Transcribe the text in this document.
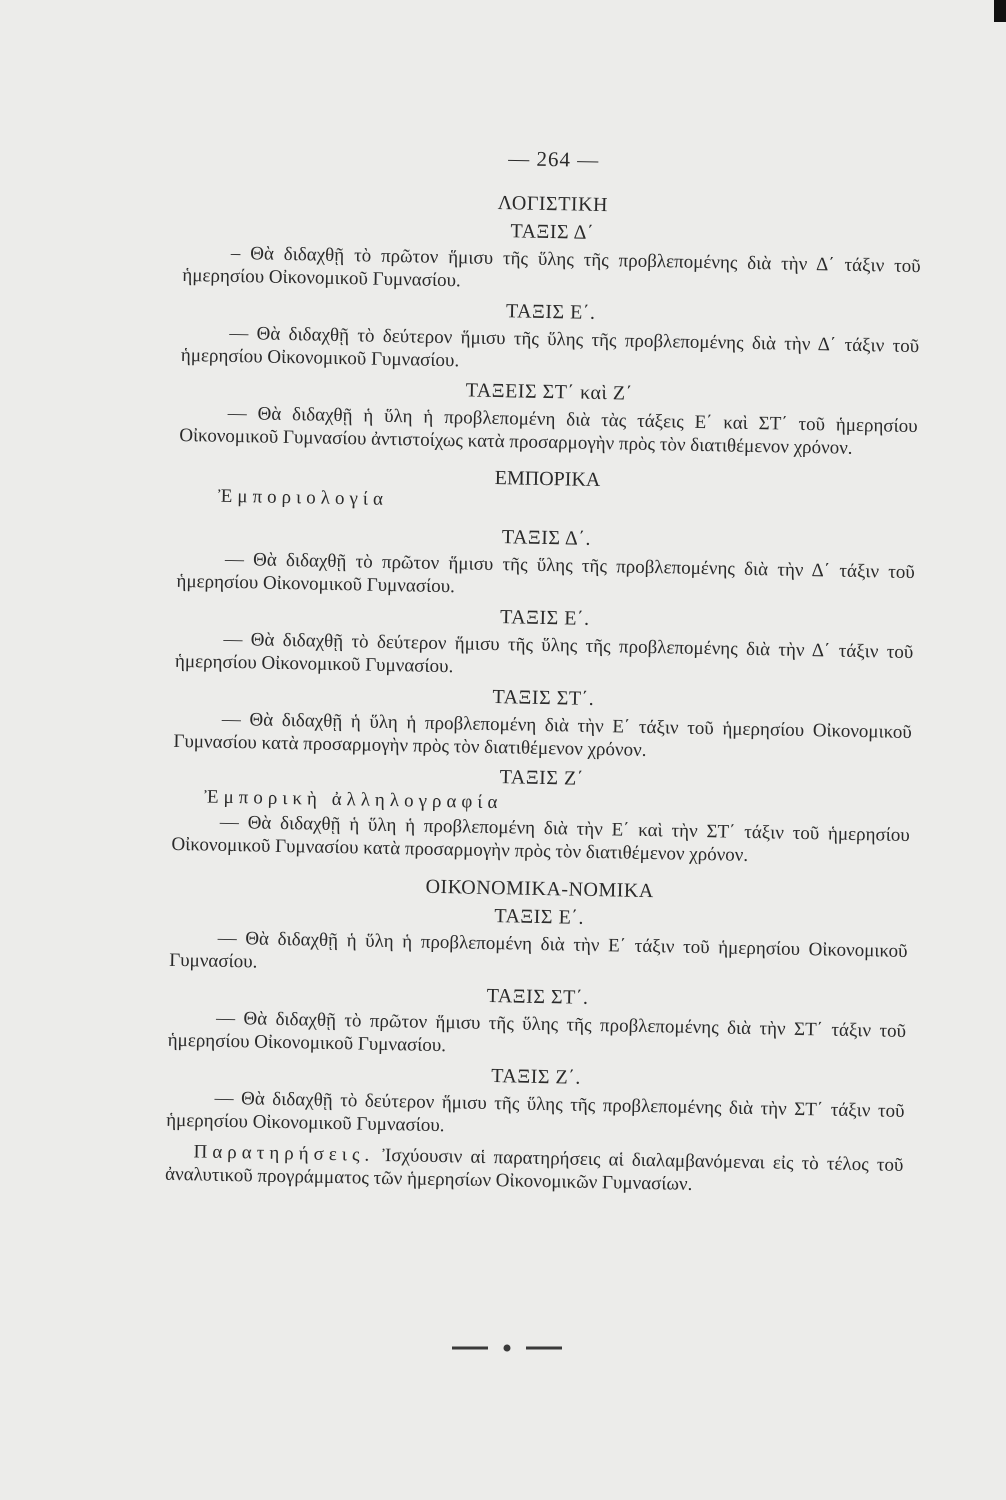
— 264 —
ΛΟΓΙΣΤΙΚΗ
ΤΑΞΙΣ Δ΄

– Θὰ διδαχθῇ τὸ πρῶτον ἥμισυ τῆς ὕλης τῆς προβλεπομένης διὰ τὴν Δ΄ τάξιν τοῦ ἡμερησίου Οἰκονομικοῦ Γυμνασίου.

ΤΑΞΙΣ Ε΄.

— Θὰ διδαχθῇ τὸ δεύτερον ἥμισυ τῆς ὕλης τῆς προβλεπομένης διὰ τὴν Δ΄ τάξιν τοῦ ἡμερησίου Οἰκονομικοῦ Γυμνασίου.

ΤΑΞΕΙΣ ΣΤ΄ καὶ Ζ΄

— Θὰ διδαχθῇ ἡ ὕλη ἡ προβλεπομένη διὰ τὰς τάξεις Ε΄ καὶ ΣΤ΄ τοῦ ἡμερησίου Οἰκονομικοῦ Γυμνασίου ἀντιστοίχως κατὰ προσαρμογὴν πρὸς τὸν διατιθέμενον χρόνον.

ΕΜΠΟΡΙΚΑ
Ἐμποριολογία
ΤΑΞΙΣ Δ΄.

— Θὰ διδαχθῇ τὸ πρῶτον ἥμισυ τῆς ὕλης τῆς προβλεπομένης διὰ τὴν Δ΄ τάξιν τοῦ ἡμερησίου Οἰκονομικοῦ Γυμνασίου.

ΤΑΞΙΣ Ε΄.

— Θὰ διδαχθῇ τὸ δεύτερον ἥμισυ τῆς ὕλης τῆς προβλεπομένης διὰ τὴν Δ΄ τάξιν τοῦ ἡμερησίου Οἰκονομικοῦ Γυμνασίου.

ΤΑΞΙΣ ΣΤ΄.

— Θὰ διδαχθῇ ἡ ὕλη ἡ προβλεπομένη διὰ τὴν Ε΄ τάξιν τοῦ ἡμερησίου Οἰκονομικοῦ Γυμνασίου κατὰ προσαρμογὴν πρὸς τὸν διατιθέμενον χρόνον.

ΤΑΞΙΣ Ζ΄
Ἐμπορικὴ ἀλληλογραφία

— Θὰ διδαχθῇ ἡ ὕλη ἡ προβλεπομένη διὰ τὴν Ε΄ καὶ τὴν ΣΤ΄ τάξιν τοῦ ἡμερησίου Οἰκονομικοῦ Γυμνασίου κατὰ προσαρμογὴν πρὸς τὸν διατιθέμενον χρόνον.

ΟΙΚΟΝΟΜΙΚΑ-ΝΟΜΙΚΑ
ΤΑΞΙΣ Ε΄.

— Θὰ διδαχθῇ ἡ ὕλη ἡ προβλεπομένη διὰ τὴν Ε΄ τάξιν τοῦ ἡμερησίου Οἰκονομικοῦ Γυμνασίου.

ΤΑΞΙΣ ΣΤ΄.

— Θὰ διδαχθῇ τὸ πρῶτον ἥμισυ τῆς ὕλης τῆς προβλεπομένης διὰ τὴν ΣΤ΄ τάξιν τοῦ ἡμερησίου Οἰκονομικοῦ Γυμνασίου.

ΤΑΞΙΣ Ζ΄.

— Θὰ διδαχθῇ τὸ δεύτερον ἥμισυ τῆς ὕλης τῆς προβλεπομένης διὰ τὴν ΣΤ΄ τάξιν τοῦ ἡμερησίου Οἰκονομικοῦ Γυμνασίου.

Παρατηρήσεις. Ἰσχύουσιν αἱ παρατηρήσεις αἱ διαλαμβανόμεναι εἰς τὸ τέλος τοῦ ἀναλυτικοῦ προγράμματος τῶν ἡμερησίων Οἰκονομικῶν Γυμνασίων.
